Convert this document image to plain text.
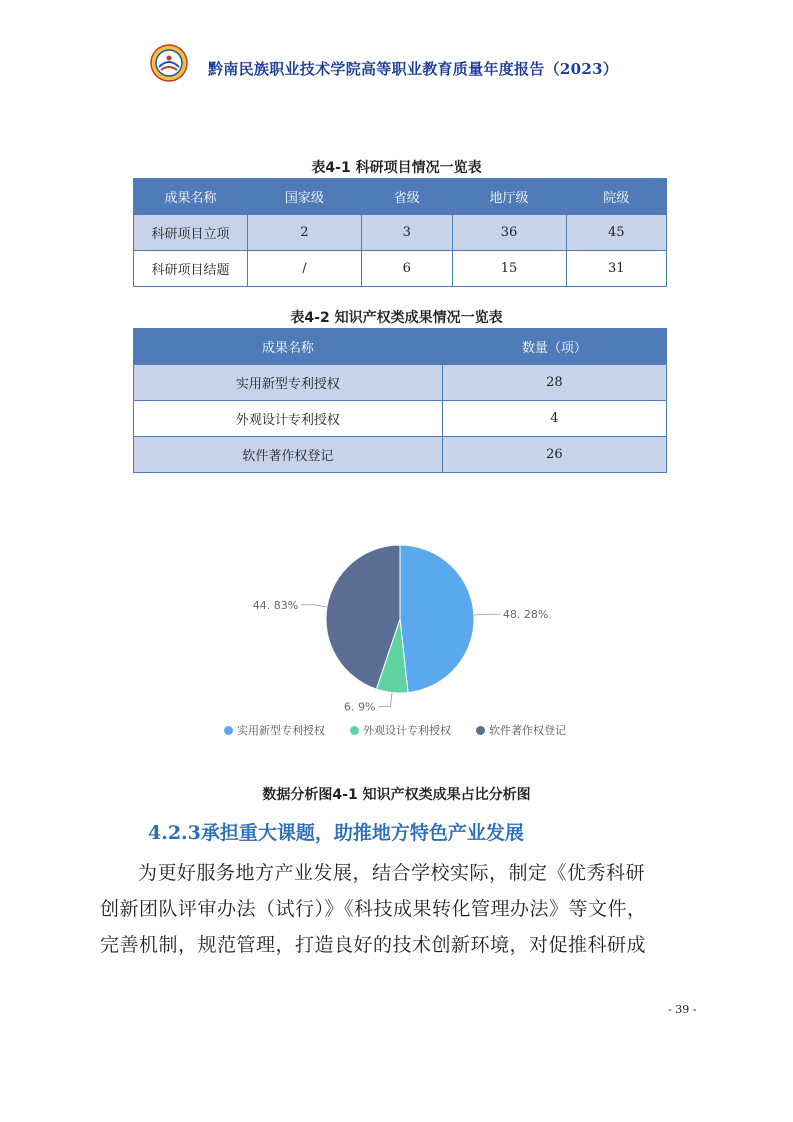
黔南民族职业技术学院高等职业教育质量年度报告（2023）
表4-1 科研项目情况一览表
成果名称	国家级	省级	地厅级	院级
科研项目立项	2	3	36	45
科研项目结题	/	6	15	31
表4-2 知识产权类成果情况一览表
成果名称	数量（项）
实用新型专利授权	28
外观设计专利授权	4
软件著作权登记	26
48. 28%
6. 9%
44. 83%
实用新型专利授权	外观设计专利授权	软件著作权登记
数据分析图4-1 知识产权类成果占比分析图
4.2.3承担重大课题，助推地方特色产业发展
为更好服务地方产业发展，结合学校实际，制定《优秀科研
创新团队评审办法（试行）》《科技成果转化管理办法》等文件，
完善机制，规范管理，打造良好的技术创新环境，对促推科研成
- 39 -
